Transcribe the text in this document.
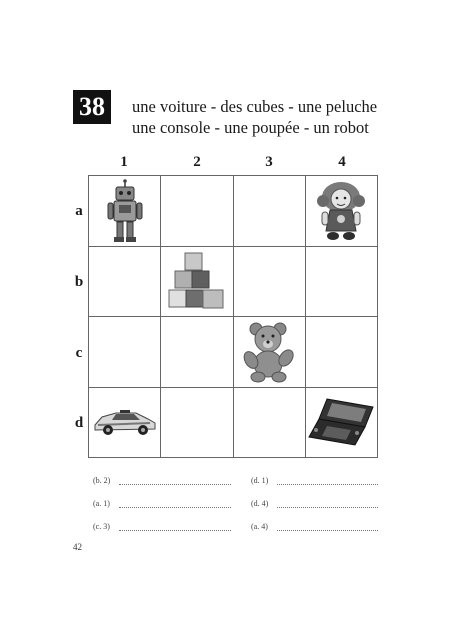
38	une voiture - des cubes - une peluche
une console - une poupée - un robot
1	2	3	4
a
b
c
d
(b. 2)
(a. 1)
(c. 3)
(d. 1)
(d. 4)
(a. 4)
42
